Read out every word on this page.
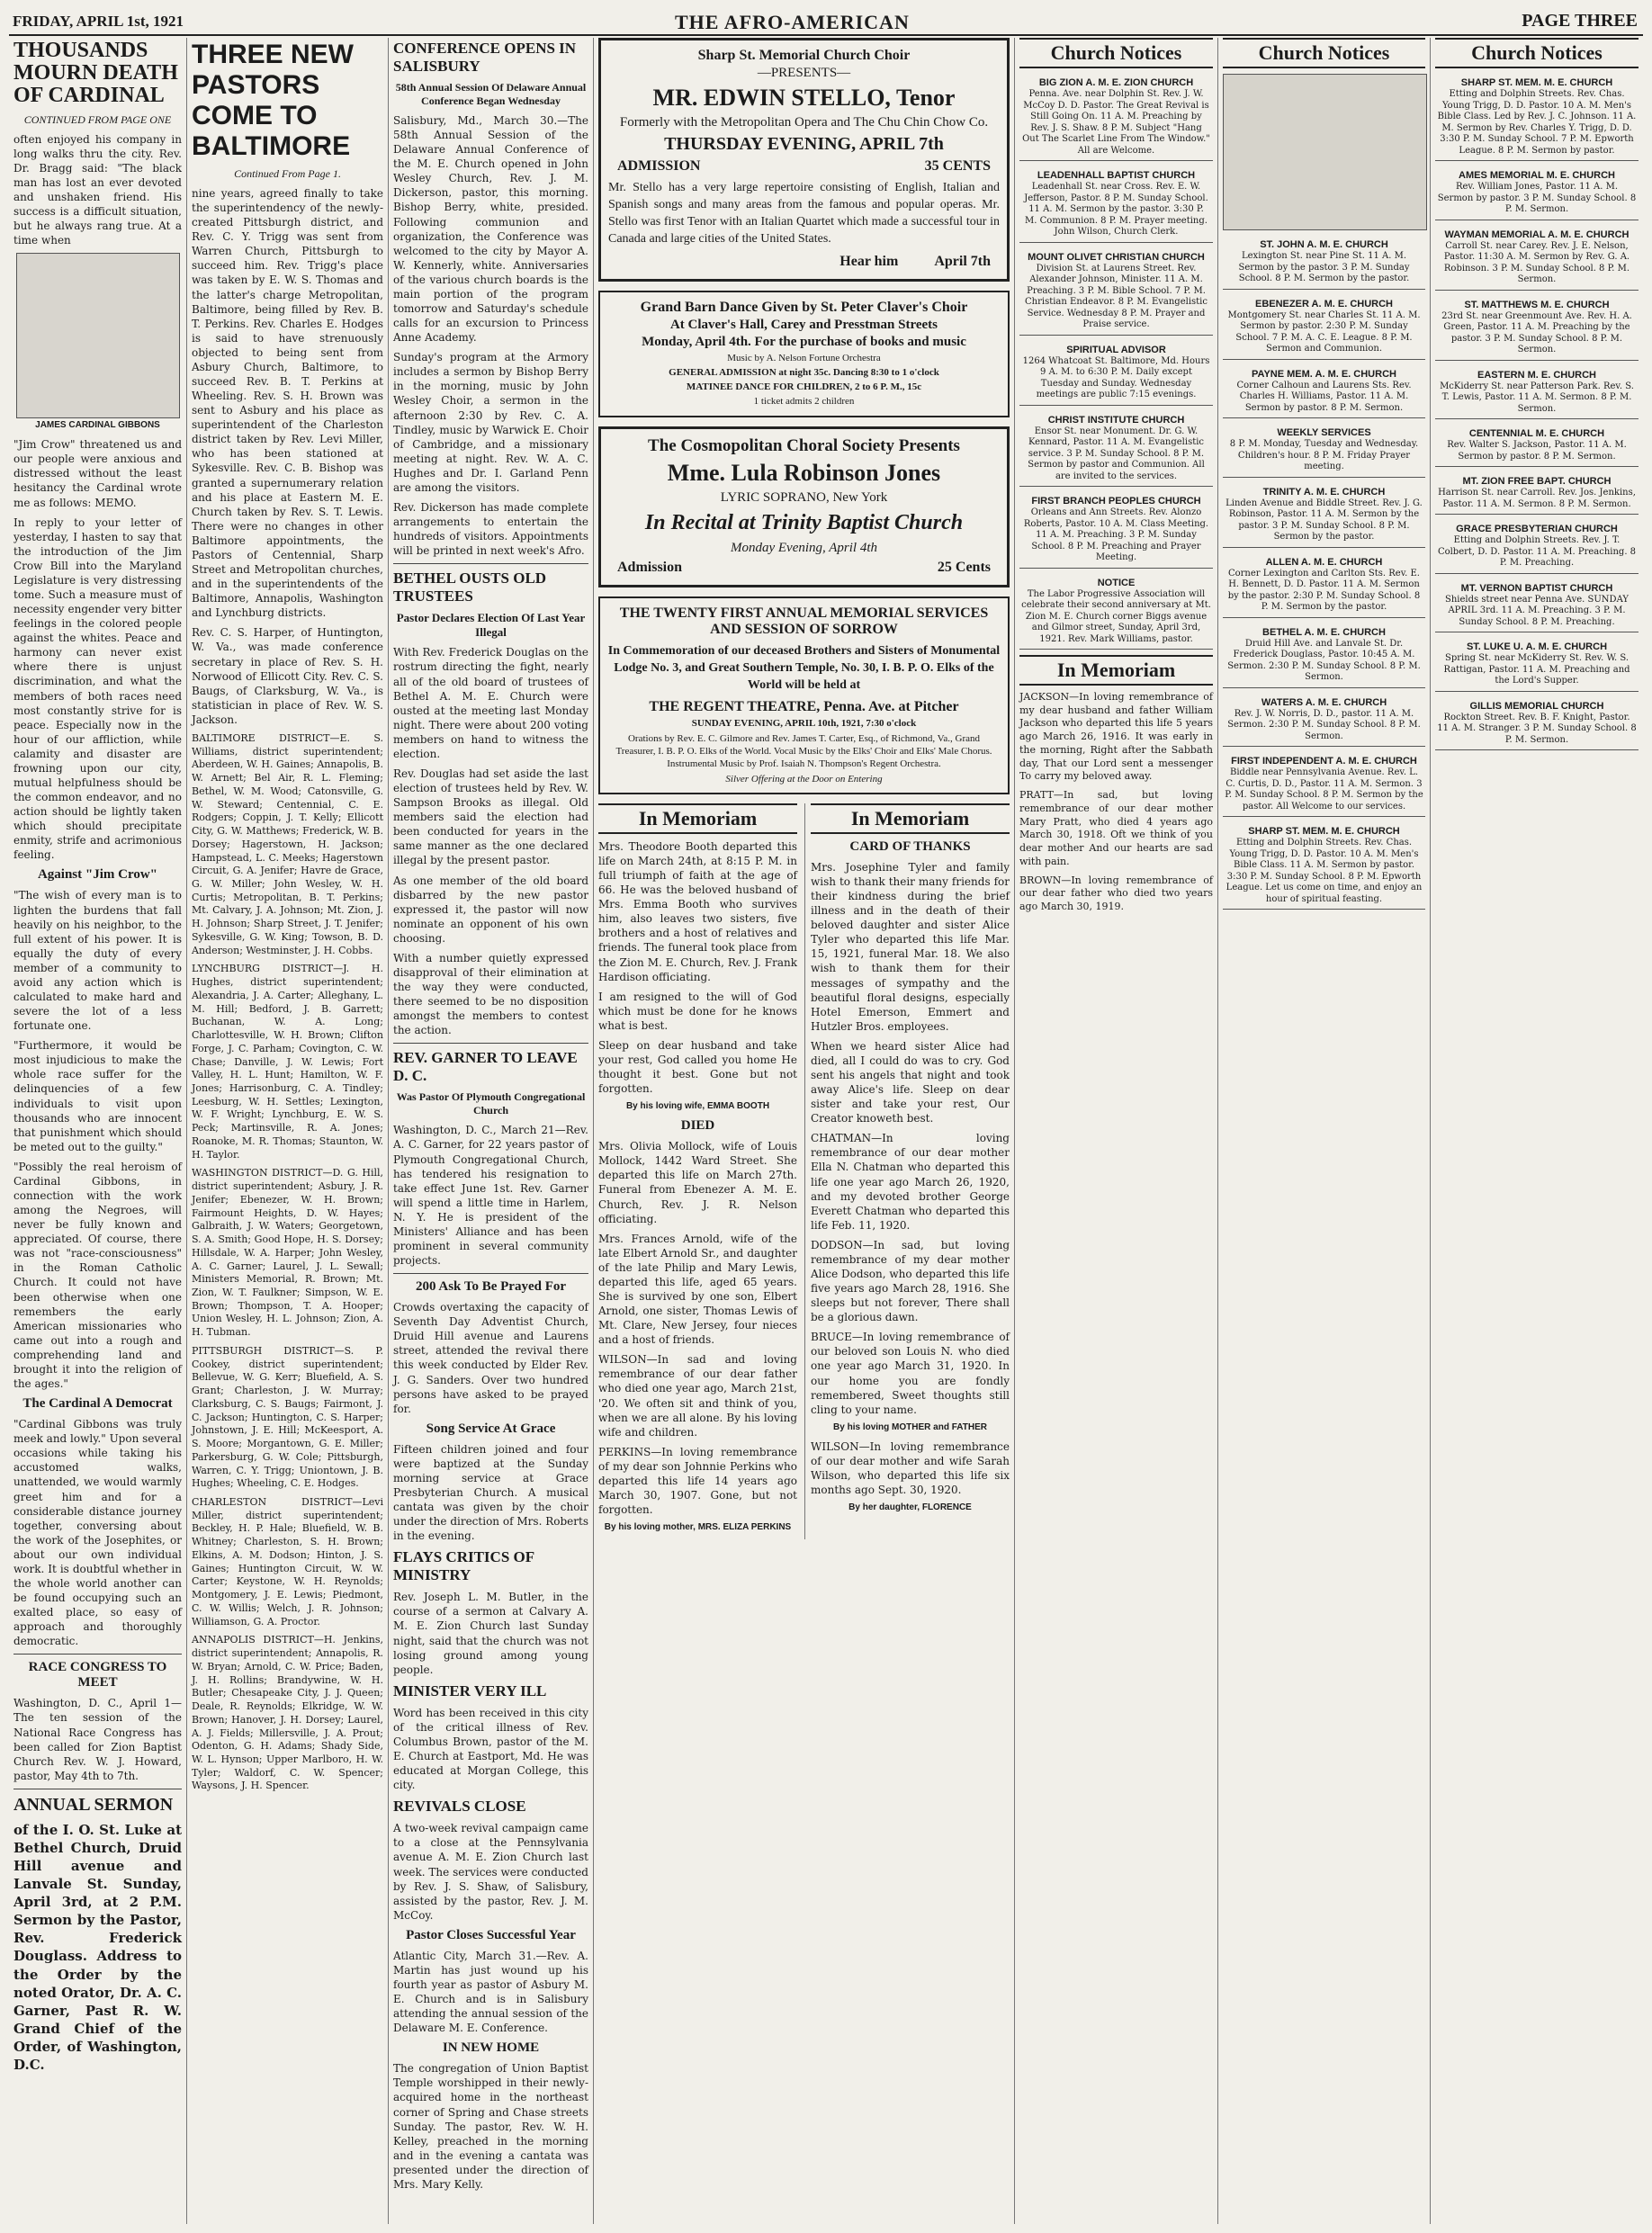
FRIDAY, APRIL 1st, 1921	THE AFRO-AMERICAN	PAGE THREE
THOUSANDS MOURN DEATH OF CARDINAL
CONTINUED FROM PAGE ONE

often enjoyed his company in long walks thru the city. Rev. Dr. Bragg said: "The black man has lost an ever devoted and unshaken friend. His success is a difficult situation, but he always rang true. At a time when

JAMES CARDINAL GIBBONS

"Jim Crow" threatened us and our people were anxious and distressed without the least hesitancy the Cardinal wrote me as follows: MEMO.

In reply to your letter of yesterday, I hasten to say that the introduction of the Jim Crow Bill into the Maryland Legislature is very distressing tome. Such a measure must of necessity engender very bitter feelings in the colored people against the whites. Peace and harmony can never exist where there is unjust discrimination, and what the members of both races need most constantly strive for is peace. Especially now in the hour of our affliction, while calamity and disaster are frowning upon our city, mutual helpfulness should be the common endeavor, and no action should be lightly taken which should precipitate enmity, strife and acrimonious feeling.

Against "Jim Crow"

"The wish of every man is to lighten the burdens that fall heavily on his neighbor, to the full extent of his power. It is equally the duty of every member of a community to avoid any action which is calculated to make hard and severe the lot of a less fortunate one.

"Furthermore, it would be most injudicious to make the whole race suffer for the delinquencies of a few individuals to visit upon thousands who are innocent that punishment which should be meted out to the guilty."

"Possibly the real heroism of Cardinal Gibbons, in connection with the work among the Negroes, will never be fully known and appreciated. Of course, there was not "race-consciousness" in the Roman Catholic Church. It could not have been otherwise when one remembers the early American missionaries who came out into a rough and comprehending land and brought it into the religion of the ages."

The Cardinal A Democrat

"Cardinal Gibbons was truly meek and lowly." Upon several occasions while taking his accustomed walks, unattended, we would warmly greet him and for a considerable distance journey together, conversing about the work of the Josephites, or about our own individual work. It is doubtful whether in the whole world another can be found occupying such an exalted place, so easy of approach and thoroughly democratic.

RACE CONGRESS TO MEET

Washington, D. C., April 1—The ten session of the National Race Congress has been called for Zion Baptist Church Rev. W. J. Howard, pastor, May 4th to 7th.

ANNUAL SERMON

of the I. O. St. Luke at Bethel Church, Druid Hill avenue and Lanvale St. Sunday, April 3rd, at 2 P.M. Sermon by the Pastor, Rev. Frederick Douglass. Address to the Order by the noted Orator, Dr. A. C. Garner, Past R. W. Grand Chief of the Order, of Washington, D.C.

THREE NEW PASTORS COME TO BALTIMORE
Continued From Page 1.

nine years, agreed finally to take the superintendency of the newly-created Pittsburgh district, and Rev. C. Y. Trigg was sent from Warren Church, Pittsburgh to succeed him. Rev. Trigg's place was taken by E. W. S. Thomas and the latter's charge Metropolitan, Baltimore, being filled by Rev. B. T. Perkins. Rev. Charles E. Hodges is said to have strenuously objected to being sent from Asbury Church, Baltimore, to succeed Rev. B. T. Perkins at Wheeling. Rev. S. H. Brown was sent to Asbury and his place as superintendent of the Charleston district taken by Rev. Levi Miller, who has been stationed at Sykesville. Rev. C. B. Bishop was granted a supernumerary relation and his place at Eastern M. E. Church taken by Rev. S. T. Lewis. There were no changes in other Baltimore appointments, the Pastors of Centennial, Sharp Street and Metropolitan churches, and in the superintendents of the Baltimore, Annapolis, Washington and Lynchburg districts.

Rev. C. S. Harper, of Huntington, W. Va., was made conference secretary in place of Rev. S. H. Norwood of Ellicott City. Rev. C. S. Baugs, of Clarksburg, W. Va., is statistician in place of Rev. W. S. Jackson.

BALTIMORE DISTRICT—E. S. Williams, district superintendent; Aberdeen, W. H. Gaines; Annapolis, B. W. Arnett; Bel Air, R. L. Fleming; Bethel, W. M. Wood; Catonsville, G. W. Steward; Centennial, C. E. Rodgers; Coppin, J. T. Kelly; Ellicott City, G. W. Matthews; Frederick, W. B. Dorsey; Hagerstown, H. Jackson; Hampstead, L. C. Meeks; Hagerstown Circuit, G. A. Jenifer; Havre de Grace, G. W. Miller; John Wesley, W. H. Curtis; Metropolitan, B. T. Perkins; Mt. Calvary, J. A. Johnson; Mt. Zion, J. H. Johnson; Sharp Street, J. T. Jenifer; Sykesville, G. W. King; Towson, B. D. Anderson; Westminster, J. H. Cobbs.

LYNCHBURG DISTRICT—J. H. Hughes, district superintendent; Alexandria, J. A. Carter; Alleghany, L. M. Hill; Bedford, J. B. Garrett; Buchanan, W. A. Long; Charlottesville, W. H. Brown; Clifton Forge, J. C. Parham; Covington, C. W. Chase; Danville, J. W. Lewis; Fort Valley, H. L. Hunt; Hamilton, W. F. Jones; Harrisonburg, C. A. Tindley; Leesburg, W. H. Settles; Lexington, W. F. Wright; Lynchburg, E. W. S. Peck; Martinsville, R. A. Jones; Roanoke, M. R. Thomas; Staunton, W. H. Taylor.

WASHINGTON DISTRICT—D. G. Hill, district superintendent; Asbury, J. R. Jenifer; Ebenezer, W. H. Brown; Fairmount Heights, D. W. Hayes; Galbraith, J. W. Waters; Georgetown, S. A. Smith; Good Hope, H. S. Dorsey; Hillsdale, W. A. Harper; John Wesley, A. C. Garner; Laurel, J. L. Sewall; Ministers Memorial, R. Brown; Mt. Zion, W. T. Faulkner; Simpson, W. E. Brown; Thompson, T. A. Hooper; Union Wesley, H. L. Johnson; Zion, A. H. Tubman.

PITTSBURGH DISTRICT—S. P. Cookey, district superintendent; Bellevue, W. G. Kerr; Bluefield, A. S. Grant; Charleston, J. W. Murray; Clarksburg, C. S. Baugs; Fairmont, J. C. Jackson; Huntington, C. S. Harper; Johnstown, J. E. Hill; McKeesport, A. S. Moore; Morgantown, G. E. Miller; Parkersburg, G. W. Cole; Pittsburgh, Warren, C. Y. Trigg; Uniontown, J. B. Hughes; Wheeling, C. E. Hodges.

CHARLESTON DISTRICT—Levi Miller, district superintendent; Beckley, H. P. Hale; Bluefield, W. B. Whitney; Charleston, S. H. Brown; Elkins, A. M. Dodson; Hinton, J. S. Gaines; Huntington Circuit, W. W. Carter; Keystone, W. H. Reynolds; Montgomery, J. E. Lewis; Piedmont, C. W. Willis; Welch, J. R. Johnson; Williamson, G. A. Proctor.

ANNAPOLIS DISTRICT—H. Jenkins, district superintendent; Annapolis, R. W. Bryan; Arnold, C. W. Price; Baden, J. H. Rollins; Brandywine, W. H. Butler; Chesapeake City, J. J. Queen; Deale, R. Reynolds; Elkridge, W. W. Brown; Hanover, J. H. Dorsey; Laurel, A. J. Fields; Millersville, J. A. Prout; Odenton, G. H. Adams; Shady Side, W. L. Hynson; Upper Marlboro, H. W. Tyler; Waldorf, C. W. Spencer; Waysons, J. H. Spencer.

CONFERENCE OPENS IN SALISBURY
58th Annual Session Of Delaware Annual Conference Began Wednesday

Salisbury, Md., March 30.—The 58th Annual Session of the Delaware Annual Conference of the M. E. Church opened in John Wesley Church, Rev. J. M. Dickerson, pastor, this morning. Bishop Berry, white, presided. Following communion and organization, the Conference was welcomed to the city by Mayor A. W. Kennerly, white. Anniversaries of the various church boards is the main portion of the program tomorrow and Saturday's schedule calls for an excursion to Princess Anne Academy.

Sunday's program at the Armory includes a sermon by Bishop Berry in the morning, music by John Wesley Choir, a sermon in the afternoon 2:30 by Rev. C. A. Tindley, music by Warwick E. Choir of Cambridge, and a missionary meeting at night. Rev. W. A. C. Hughes and Dr. I. Garland Penn are among the visitors.

Rev. Dickerson has made complete arrangements to entertain the hundreds of visitors. Appointments will be printed in next week's Afro.

BETHEL OUSTS OLD TRUSTEES
Pastor Declares Election Of Last Year Illegal

With Rev. Frederick Douglas on the rostrum directing the fight, nearly all of the old board of trustees of Bethel A. M. E. Church were ousted at the meeting last Monday night. There were about 200 voting members on hand to witness the election.

Rev. Douglas had set aside the last election of trustees held by Rev. W. Sampson Brooks as illegal. Old members said the election had been conducted for years in the same manner as the one declared illegal by the present pastor.

As one member of the old board disbarred by the new pastor expressed it, the pastor will now nominate an opponent of his own choosing.

With a number quietly expressed disapproval of their elimination at the way they were conducted, there seemed to be no disposition amongst the members to contest the action.

REV. GARNER TO LEAVE D. C.
Was Pastor Of Plymouth Congregational Church

Washington, D. C., March 21—Rev. A. C. Garner, for 22 years pastor of Plymouth Congregational Church, has tendered his resignation to take effect June 1st. Rev. Garner will spend a little time in Harlem, N. Y. He is president of the Ministers' Alliance and has been prominent in several community projects.

200 Ask To Be Prayed For

Crowds overtaxing the capacity of Seventh Day Adventist Church, Druid Hill avenue and Laurens street, attended the revival there this week conducted by Elder Rev. J. G. Sanders. Over two hundred persons have asked to be prayed for.

Song Service At Grace

Fifteen children joined and four were baptized at the Sunday morning service at Grace Presbyterian Church. A musical cantata was given by the choir under the direction of Mrs. Roberts in the evening.

FLAYS CRITICS OF MINISTRY

Rev. Joseph L. M. Butler, in the course of a sermon at Calvary A. M. E. Zion Church last Sunday night, said that the church was not losing ground among young people.

MINISTER VERY ILL

Word has been received in this city of the critical illness of Rev. Columbus Brown, pastor of the M. E. Church at Eastport, Md. He was educated at Morgan College, this city.

REVIVALS CLOSE

A two-week revival campaign came to a close at the Pennsylvania avenue A. M. E. Zion Church last week. The services were conducted by Rev. J. S. Shaw, of Salisbury, assisted by the pastor, Rev. J. M. McCoy.

Pastor Closes Successful Year

Atlantic City, March 31.—Rev. A. Martin has just wound up his fourth year as pastor of Asbury M. E. Church and is in Salisbury attending the annual session of the Delaware M. E. Conference.

IN NEW HOME

The congregation of Union Baptist Temple worshipped in their newly-acquired home in the northeast corner of Spring and Chase streets Sunday. The pastor, Rev. W. H. Kelley, preached in the morning and in the evening a cantata was presented under the direction of Mrs. Mary Kelly.

Sharp St. Memorial Church Choir
—PRESENTS—
MR. EDWIN STELLO, Tenor
Formerly with the Metropolitan Opera and The Chu Chin Chow Co.
THURSDAY EVENING, APRIL 7th
ADMISSION	35 CENTS

Mr. Stello has a very large repertoire consisting of English, Italian and Spanish songs and many areas from the famous and popular operas. Mr. Stello was first Tenor with an Italian Quartet which made a successful tour in Canada and large cities of the United States.

Hear him	April 7th
Grand Barn Dance Given by St. Peter Claver's Choir
At Claver's Hall, Carey and Presstman Streets
Monday, April 4th. For the purchase of books and music
Music by A. Nelson Fortune Orchestra
GENERAL ADMISSION at night 35c. Dancing 8:30 to 1 o'clock
MATINEE DANCE FOR CHILDREN, 2 to 6 P. M., 15c
1 ticket admits 2 children
The Cosmopolitan Choral Society Presents
Mme. Lula Robinson Jones
LYRIC SOPRANO, New York
In Recital at Trinity Baptist Church
Monday Evening, April 4th
Admission	25 Cents
THE TWENTY FIRST ANNUAL MEMORIAL SERVICES AND SESSION OF SORROW
In Commemoration of our deceased Brothers and Sisters of Monumental Lodge No. 3, and Great Southern Temple, No. 30, I. B. P. O. Elks of the World will be held at
THE REGENT THEATRE, Penna. Ave. at Pitcher
SUNDAY EVENING, APRIL 10th, 1921, 7:30 o'clock
Orations by Rev. E. C. Gilmore and Rev. James T. Carter, Esq., of Richmond, Va., Grand Treasurer, I. B. P. O. Elks of the World. Vocal Music by the Elks' Choir and Elks' Male Chorus. Instrumental Music by Prof. Isaiah N. Thompson's Regent Orchestra.
Silver Offering at the Door on Entering
In Memoriam

Mrs. Theodore Booth departed this life on March 24th, at 8:15 P. M. in full triumph of faith at the age of 66. He was the beloved husband of Mrs. Emma Booth who survives him, also leaves two sisters, five brothers and a host of relatives and friends. The funeral took place from the Zion M. E. Church, Rev. J. Frank Hardison officiating.

I am resigned to the will of God which must be done for he knows what is best.

Sleep on dear husband and take your rest, God called you home He thought it best. Gone but not forgotten.

By his loving wife, EMMA BOOTH
DIED

Mrs. Olivia Mollock, wife of Louis Mollock, 1442 Ward Street. She departed this life on March 27th. Funeral from Ebenezer A. M. E. Church, Rev. J. R. Nelson officiating.

Mrs. Frances Arnold, wife of the late Elbert Arnold Sr., and daughter of the late Philip and Mary Lewis, departed this life, aged 65 years. She is survived by one son, Elbert Arnold, one sister, Thomas Lewis of Mt. Clare, New Jersey, four nieces and a host of friends.

WILSON—In sad and loving remembrance of our dear father who died one year ago, March 21st, '20. We often sit and think of you, when we are all alone. By his loving wife and children.

PERKINS—In loving remembrance of my dear son Johnnie Perkins who departed this life 14 years ago March 30, 1907. Gone, but not forgotten.

By his loving mother, MRS. ELIZA PERKINS
In Memoriam
CARD OF THANKS

Mrs. Josephine Tyler and family wish to thank their many friends for their kindness during the brief illness and in the death of their beloved daughter and sister Alice Tyler who departed this life Mar. 15, 1921, funeral Mar. 18. We also wish to thank them for their messages of sympathy and the beautiful floral designs, especially Hotel Emerson, Emmert and Hutzler Bros. employees.

When we heard sister Alice had died, all I could do was to cry. God sent his angels that night and took away Alice's life. Sleep on dear sister and take your rest, Our Creator knoweth best.

CHATMAN—In loving remembrance of our dear mother Ella N. Chatman who departed this life one year ago March 26, 1920, and my devoted brother George Everett Chatman who departed this life Feb. 11, 1920.

DODSON—In sad, but loving remembrance of my dear mother Alice Dodson, who departed this life five years ago March 28, 1916. She sleeps but not forever, There shall be a glorious dawn.

BRUCE—In loving remembrance of our beloved son Louis N. who died one year ago March 31, 1920. In our home you are fondly remembered, Sweet thoughts still cling to your name.

By his loving MOTHER and FATHER

WILSON—In loving remembrance of our dear mother and wife Sarah Wilson, who departed this life six months ago Sept. 30, 1920.

By her daughter, FLORENCE
Church Notices
BIG ZION A. M. E. ZION CHURCH
Penna. Ave. near Dolphin St. Rev. J. W. McCoy D. D. Pastor. The Great Revival is Still Going On. 11 A. M. Preaching by Rev. J. S. Shaw. 8 P. M. Subject "Hang Out The Scarlet Line From The Window." All are Welcome.
LEADENHALL BAPTIST CHURCH
Leadenhall St. near Cross. Rev. E. W. Jefferson, Pastor. 8 P. M. Sunday School. 11 A. M. Sermon by the pastor. 3:30 P. M. Communion. 8 P. M. Prayer meeting. John Wilson, Church Clerk.
MOUNT OLIVET CHRISTIAN CHURCH
Division St. at Laurens Street. Rev. Alexander Johnson, Minister. 11 A. M. Preaching. 3 P. M. Bible School. 7 P. M. Christian Endeavor. 8 P. M. Evangelistic Service. Wednesday 8 P. M. Prayer and Praise service.
SPIRITUAL ADVISOR
1264 Whatcoat St. Baltimore, Md. Hours 9 A. M. to 6:30 P. M. Daily except Tuesday and Sunday. Wednesday meetings are public 7:15 evenings.
CHRIST INSTITUTE CHURCH
Ensor St. near Monument. Dr. G. W. Kennard, Pastor. 11 A. M. Evangelistic service. 3 P. M. Sunday School. 8 P. M. Sermon by pastor and Communion. All are invited to the services.
FIRST BRANCH PEOPLES CHURCH
Orleans and Ann Streets. Rev. Alonzo Roberts, Pastor. 10 A. M. Class Meeting. 11 A. M. Preaching. 3 P. M. Sunday School. 8 P. M. Preaching and Prayer Meeting.
NOTICE
The Labor Progressive Association will celebrate their second anniversary at Mt. Zion M. E. Church corner Biggs avenue and Gilmor street, Sunday, April 3rd, 1921. Rev. Mark Williams, pastor.
In Memoriam

JACKSON—In loving remembrance of my dear husband and father William Jackson who departed this life 5 years ago March 26, 1916. It was early in the morning, Right after the Sabbath day, That our Lord sent a messenger To carry my beloved away.

PRATT—In sad, but loving remembrance of our dear mother Mary Pratt, who died 4 years ago March 30, 1918. Oft we think of you dear mother And our hearts are sad with pain.

BROWN—In loving remembrance of our dear father who died two years ago March 30, 1919.

Church Notices
ST. JOHN A. M. E. CHURCH
Lexington St. near Pine St. 11 A. M. Sermon by the pastor. 3 P. M. Sunday School. 8 P. M. Sermon by the pastor.
EBENEZER A. M. E. CHURCH
Montgomery St. near Charles St. 11 A. M. Sermon by pastor. 2:30 P. M. Sunday School. 7 P. M. A. C. E. League. 8 P. M. Sermon and Communion.
PAYNE MEM. A. M. E. CHURCH
Corner Calhoun and Laurens Sts. Rev. Charles H. Williams, Pastor. 11 A. M. Sermon by pastor. 8 P. M. Sermon.
WEEKLY SERVICES
8 P. M. Monday, Tuesday and Wednesday. Children's hour. 8 P. M. Friday Prayer meeting.
TRINITY A. M. E. CHURCH
Linden Avenue and Biddle Street. Rev. J. G. Robinson, Pastor. 11 A. M. Sermon by the pastor. 3 P. M. Sunday School. 8 P. M. Sermon by the pastor.
ALLEN A. M. E. CHURCH
Corner Lexington and Carlton Sts. Rev. E. H. Bennett, D. D. Pastor. 11 A. M. Sermon by the pastor. 2:30 P. M. Sunday School. 8 P. M. Sermon by the pastor.
BETHEL A. M. E. CHURCH
Druid Hill Ave. and Lanvale St. Dr. Frederick Douglass, Pastor. 10:45 A. M. Sermon. 2:30 P. M. Sunday School. 8 P. M. Sermon.
WATERS A. M. E. CHURCH
Rev. J. W. Norris, D. D., pastor. 11 A. M. Sermon. 2:30 P. M. Sunday School. 8 P. M. Sermon.
FIRST INDEPENDENT A. M. E. CHURCH
Biddle near Pennsylvania Avenue. Rev. L. C. Curtis, D. D., Pastor. 11 A. M. Sermon. 3 P. M. Sunday School. 8 P. M. Sermon by the pastor. All Welcome to our services.
SHARP ST. MEM. M. E. CHURCH
Etting and Dolphin Streets. Rev. Chas. Young Trigg, D. D. Pastor. 10 A. M. Men's Bible Class. 11 A. M. Sermon by pastor. 3:30 P. M. Sunday School. 8 P. M. Epworth League. Let us come on time, and enjoy an hour of spiritual feasting.
Church Notices
SHARP ST. MEM. M. E. CHURCH
Etting and Dolphin Streets. Rev. Chas. Young Trigg, D. D. Pastor. 10 A. M. Men's Bible Class. Led by Rev. J. C. Johnson. 11 A. M. Sermon by Rev. Charles Y. Trigg, D. D. 3:30 P. M. Sunday School. 7 P. M. Epworth League. 8 P. M. Sermon by pastor.
AMES MEMORIAL M. E. CHURCH
Rev. William Jones, Pastor. 11 A. M. Sermon by pastor. 3 P. M. Sunday School. 8 P. M. Sermon.
WAYMAN MEMORIAL A. M. E. CHURCH
Carroll St. near Carey. Rev. J. E. Nelson, Pastor. 11:30 A. M. Sermon by Rev. G. A. Robinson. 3 P. M. Sunday School. 8 P. M. Sermon.
ST. MATTHEWS M. E. CHURCH
23rd St. near Greenmount Ave. Rev. H. A. Green, Pastor. 11 A. M. Preaching by the pastor. 3 P. M. Sunday School. 8 P. M. Sermon.
EASTERN M. E. CHURCH
McKiderry St. near Patterson Park. Rev. S. T. Lewis, Pastor. 11 A. M. Sermon. 8 P. M. Sermon.
CENTENNIAL M. E. CHURCH
Rev. Walter S. Jackson, Pastor. 11 A. M. Sermon by pastor. 8 P. M. Sermon.
MT. ZION FREE BAPT. CHURCH
Harrison St. near Carroll. Rev. Jos. Jenkins, Pastor. 11 A. M. Sermon. 8 P. M. Sermon.
GRACE PRESBYTERIAN CHURCH
Etting and Dolphin Streets. Rev. J. T. Colbert, D. D. Pastor. 11 A. M. Preaching. 8 P. M. Preaching.
MT. VERNON BAPTIST CHURCH
Shields street near Penna Ave. SUNDAY APRIL 3rd. 11 A. M. Preaching. 3 P. M. Sunday School. 8 P. M. Preaching.
ST. LUKE U. A. M. E. CHURCH
Spring St. near McKiderry St. Rev. W. S. Rattigan, Pastor. 11 A. M. Preaching and the Lord's Supper.
GILLIS MEMORIAL CHURCH
Rockton Street. Rev. B. F. Knight, Pastor. 11 A. M. Stranger. 3 P. M. Sunday School. 8 P. M. Sermon.
